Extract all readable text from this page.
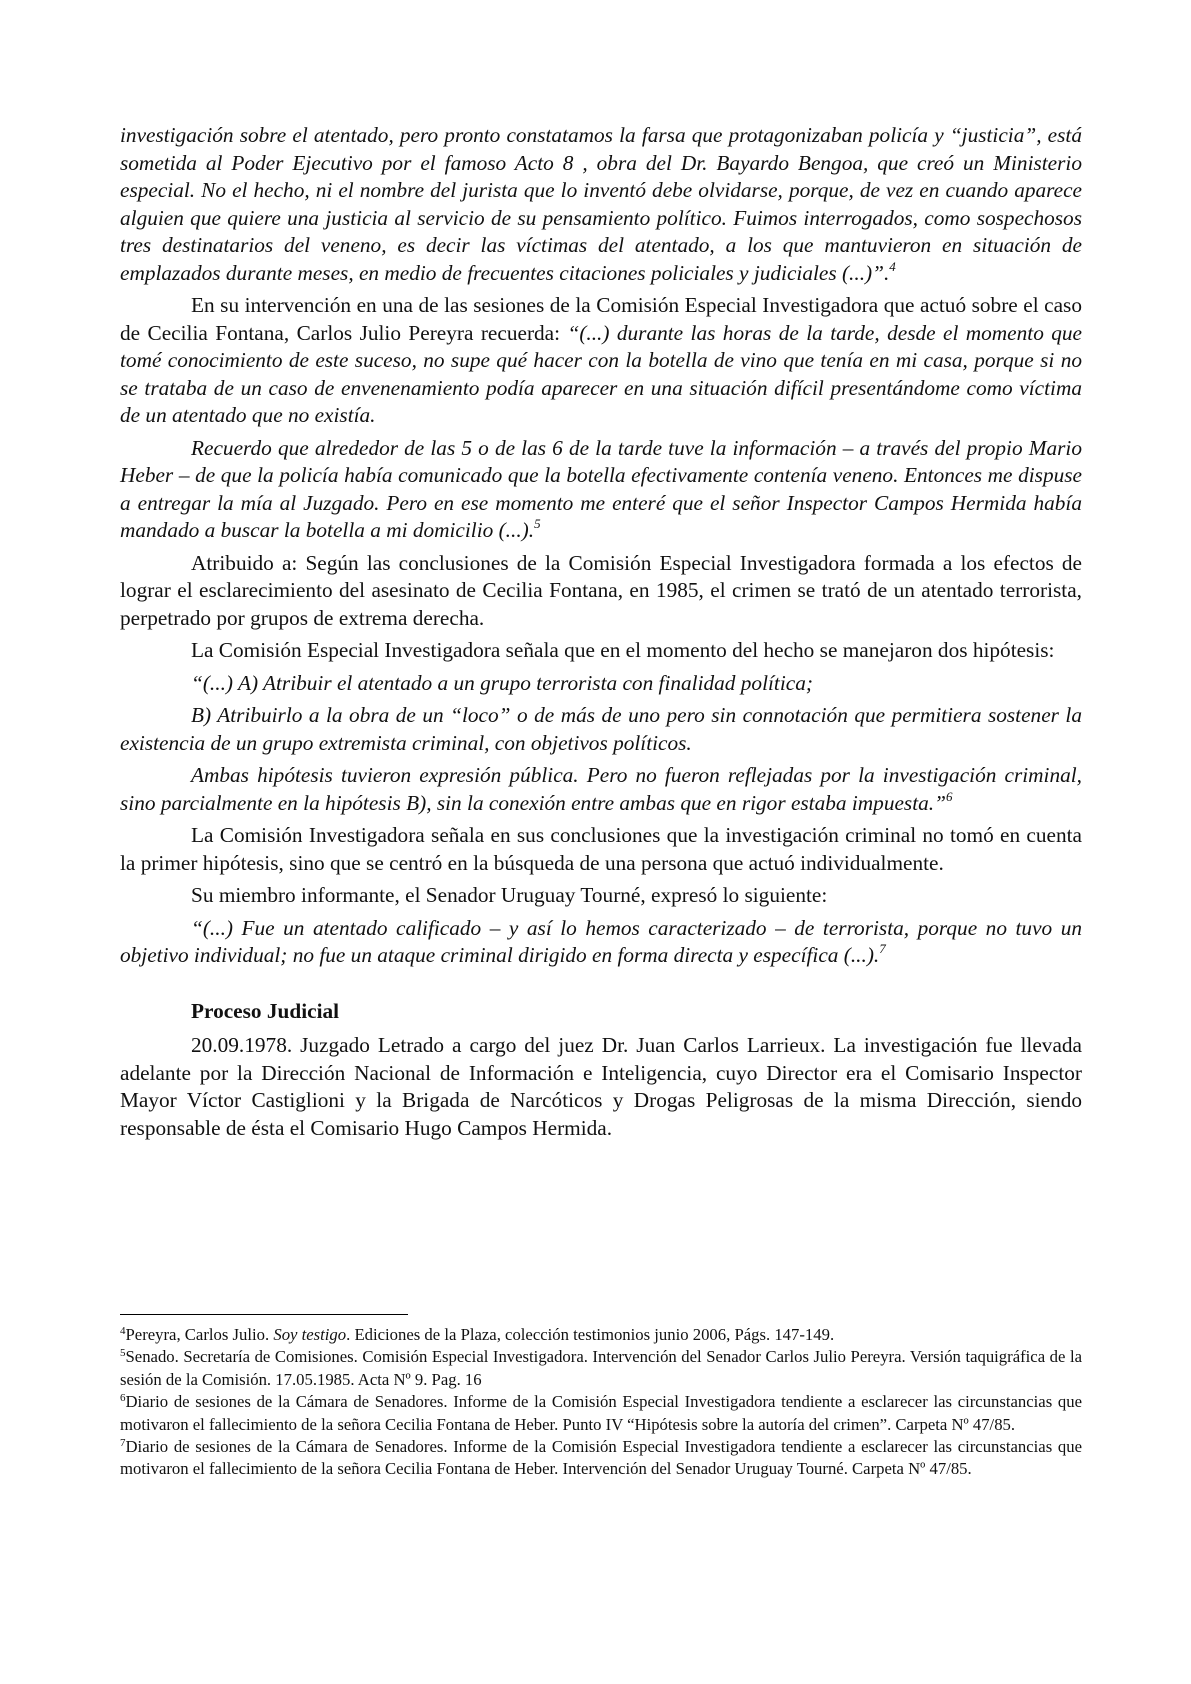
investigación sobre el atentado, pero pronto constatamos la farsa que protagonizaban policía y “justicia”, está sometida al Poder Ejecutivo por el famoso Acto 8 , obra del Dr. Bayardo Bengoa, que creó un Ministerio especial. No el hecho, ni el nombre del jurista que lo inventó debe olvidarse, porque, de vez en cuando aparece alguien que quiere una justicia al servicio de su pensamiento político. Fuimos interrogados, como sospechosos tres destinatarios del veneno, es decir las víctimas del atentado, a los que mantuvieron en situación de emplazados durante meses, en medio de frecuentes citaciones policiales y judiciales (...)”.$^4$

En su intervención en una de las sesiones de la Comisión Especial Investigadora que actuó sobre el caso de Cecilia Fontana, Carlos Julio Pereyra recuerda: “(...) durante las horas de la tarde, desde el momento que tomé conocimiento de este suceso, no supe qué hacer con la botella de vino que tenía en mi casa, porque si no se trataba de un caso de envenenamiento podía aparecer en una situación difícil presentándome como víctima de un atentado que no existía.

Recuerdo que alrededor de las 5 o de las 6 de la tarde tuve la información – a través del propio Mario Heber – de que la policía había comunicado que la botella efectivamente contenía veneno. Entonces me dispuse a entregar la mía al Juzgado. Pero en ese momento me enteré que el señor Inspector Campos Hermida había mandado a buscar la botella a mi domicilio (...).$^5$

Atribuido a: Según las conclusiones de la Comisión Especial Investigadora formada a los efectos de lograr el esclarecimiento del asesinato de Cecilia Fontana, en 1985, el crimen se trató de un atentado terrorista, perpetrado por grupos de extrema derecha.

La Comisión Especial Investigadora señala que en el momento del hecho se manejaron dos hipótesis:

“(...) A) Atribuir el atentado a un grupo terrorista con finalidad política;

B) Atribuirlo a la obra de un “loco” o de más de uno pero sin connotación que permitiera sostener la existencia de un grupo extremista criminal, con objetivos políticos.

Ambas hipótesis tuvieron expresión pública. Pero no fueron reflejadas por la investigación criminal, sino parcialmente en la hipótesis B), sin la conexión entre ambas que en rigor estaba impuesta.”$^6$

La Comisión Investigadora señala en sus conclusiones que la investigación criminal no tomó en cuenta la primer hipótesis, sino que se centró en la búsqueda de una persona que actuó individualmente.

Su miembro informante, el Senador Uruguay Tourné, expresó lo siguiente:

“(...) Fue un atentado calificado – y así lo hemos caracterizado – de terrorista, porque no tuvo un objetivo individual; no fue un ataque criminal dirigido en forma directa y específica (...).$^7$

Proceso Judicial

20.09.1978. Juzgado Letrado a cargo del juez Dr. Juan Carlos Larrieux. La investigación fue llevada adelante por la Dirección Nacional de Información e Inteligencia, cuyo Director era el Comisario Inspector Mayor Víctor Castiglioni y la Brigada de Narcóticos y Drogas Peligrosas de la misma Dirección, siendo responsable de ésta el Comisario Hugo Campos Hermida.

$^4$Pereyra, Carlos Julio. Soy testigo. Ediciones de la Plaza, colección testimonios junio 2006, Págs. 147-149.

$^5$Senado. Secretaría de Comisiones. Comisión Especial Investigadora. Intervención del Senador Carlos Julio Pereyra. Versión taquigráfica de la sesión de la Comisión. 17.05.1985. Acta Nº 9. Pag. 16

$^6$Diario de sesiones de la Cámara de Senadores. Informe de la Comisión Especial Investigadora tendiente a esclarecer las circunstancias que motivaron el fallecimiento de la señora Cecilia Fontana de Heber. Punto IV “Hipótesis sobre la autoría del crimen”. Carpeta Nº 47/85.

$^7$Diario de sesiones de la Cámara de Senadores. Informe de la Comisión Especial Investigadora tendiente a esclarecer las circunstancias que motivaron el fallecimiento de la señora Cecilia Fontana de Heber. Intervención del Senador Uruguay Tourné. Carpeta Nº 47/85.
